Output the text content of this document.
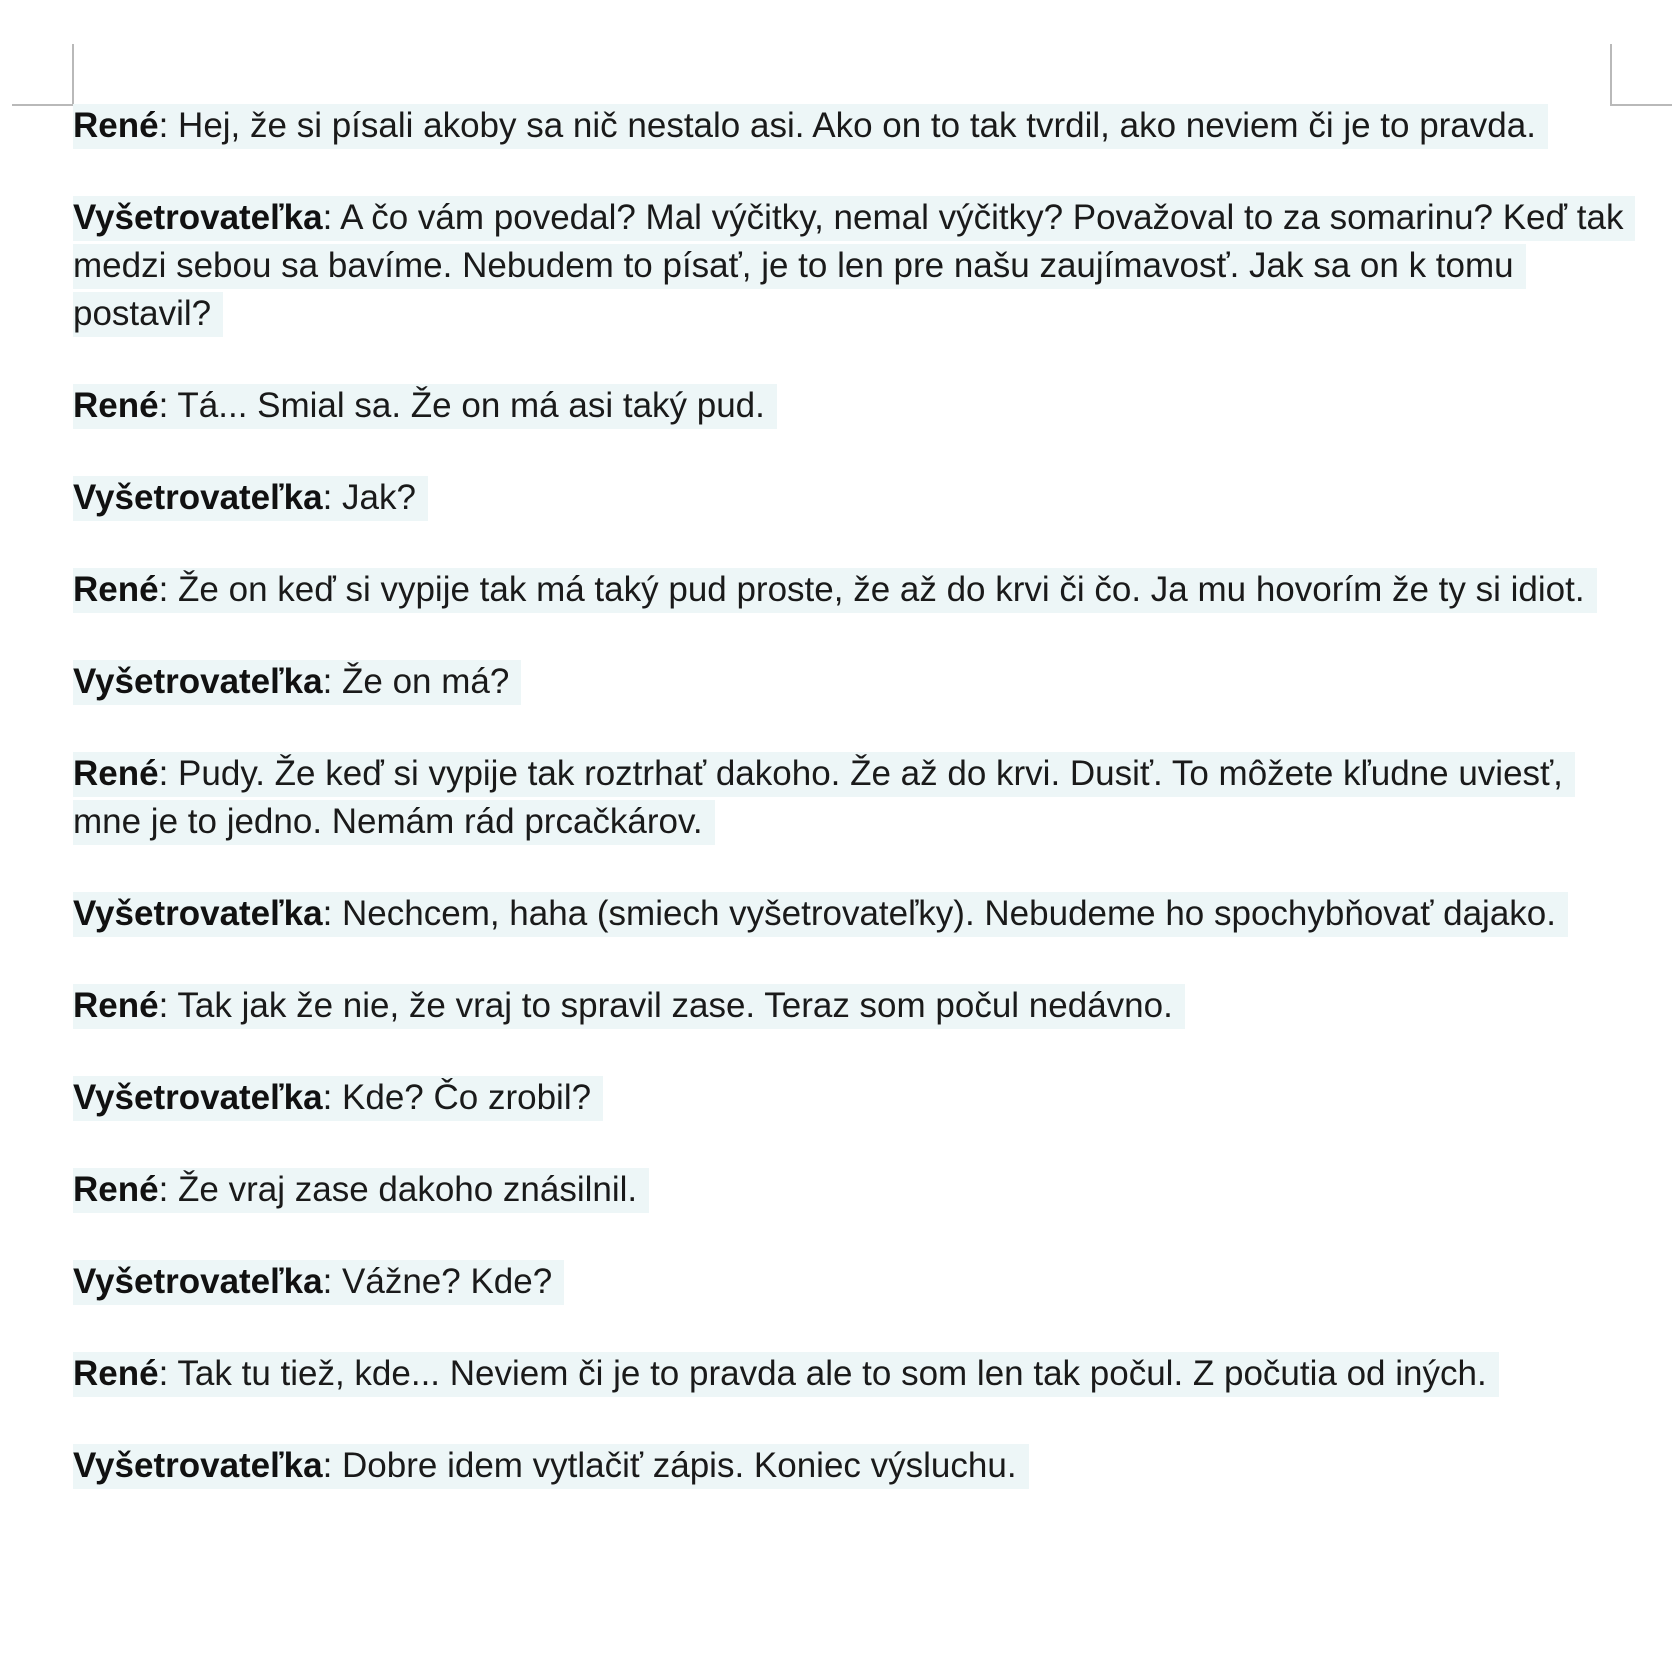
René: Hej, že si písali akoby sa nič nestalo asi. Ako on to tak tvrdil, ako neviem či je to pravda.

Vyšetrovateľka: A čo vám povedal? Mal výčitky, nemal výčitky? Považoval to za somarinu? Keď tak medzi sebou sa bavíme. Nebudem to písať, je to len pre našu zaujímavosť. Jak sa on k tomu postavil?

René: Tá... Smial sa. Že on má asi taký pud.

Vyšetrovateľka: Jak?

René: Že on keď si vypije tak má taký pud proste, že až do krvi či čo. Ja mu hovorím že ty si idiot.

Vyšetrovateľka: Že on má?

René: Pudy. Že keď si vypije tak roztrhať dakoho. Že až do krvi. Dusiť. To môžete kľudne uviesť, mne je to jedno. Nemám rád prcačkárov.

Vyšetrovateľka: Nechcem, haha (smiech vyšetrovateľky). Nebudeme ho spochybňovať dajako.

René: Tak jak že nie, že vraj to spravil zase. Teraz som počul nedávno.

Vyšetrovateľka: Kde? Čo zrobil?

René: Že vraj zase dakoho znásilnil.

Vyšetrovateľka: Vážne? Kde?

René: Tak tu tiež, kde... Neviem či je to pravda ale to som len tak počul. Z počutia od iných.

Vyšetrovateľka: Dobre idem vytlačiť zápis. Koniec výsluchu.
